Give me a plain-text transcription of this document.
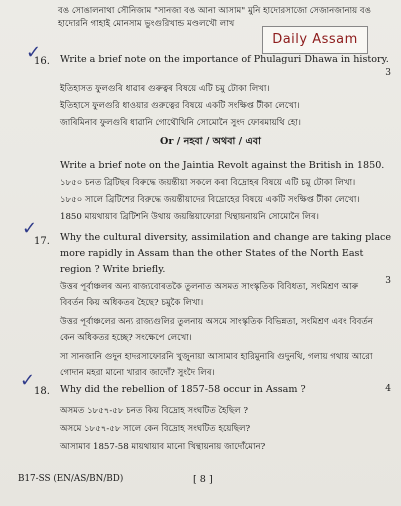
বঙ সোঙালনাথা সৌনিজাম "সানজা বঙ আনা আসাম" মুনি হাদোরসাজো সেজানজানায় বঙ
হাদোরনি গাহাই মোনসাম ভুংগুরিখান্ড মণ্ডলখৌ লাখ
Daily Assam
✓
16. Write a brief note on the importance of Phulaguri Dhawa in history.
3
ইতিহাসত ফুলগুৰি ধাৱাৰ গুৰুত্বৰ বিষয়ে এটি চমু টোকা লিখা।
ইতিহাসে ফুলগুরি ধাওয়ার গুরুত্বের বিষয়ে একটি সংক্ষিপ্ত টীকা লেখো।
জাৰিমিনাব ফুলগুৰি ধাৱানি গোথৌথিনি সোমোনৈ সুংদ ফোৰমায়থি হো।
Or / নহবা / অথবা / এবা
Write a brief note on the Jaintia Revolt against the British in 1850.
১৮৫০ চনত ব্ৰিটিছৰ বিৰুদ্ধে জয়ন্তীয়া সকলে কৰা বিদ্ৰোহৰ বিষয়ে এটি চমু টোকা লিখা।
১৮৫০ সালে ব্রিটিশের বিরুদ্ধে জয়ন্তীয়াদের বিদ্রোহের বিষয়ে একটি সংক্ষিপ্ত টীকা লেখো।
1850 মায়থায়াব ব্রিটিশনি উথায় জয়ন্তিয়াফোরা খিন্থায়নায়নি সোমোনৈ লিৰ।
✓
17. Why the cultural diversity, assimilation and change are taking place
more rapidly in Assam than the other States of the North East
region ? Write briefly.
3
উত্তৰ পূৰ্বাঞ্চলৰ অন্য ৰাজ্যবোৰতকৈ তুলনাত অসমত সাংস্কৃতিক বিবিধতা, সংমিশ্ৰণ আৰু
বিবৰ্তন কিয় অধিকতৰ হৈছে? চমুকৈ লিখা।
উত্তর পূর্বাঞ্চলের অন্য রাজ্যগুলির তুলনায় অসমে সাংস্কৃতিক বিভিন্নতা, সংমিশ্রণ এবং বিবর্তন
কেন অধিকতর হচ্ছে? সংক্ষেপে লেখো।
সা সানজানি গুদুন হাদরসাফোরনি খুজুনায়া আসামাব হারিমুনাৰি গুদুনথি, গলায় গথায় আরো
গোদান মহরা মানো খারাব জাদোঁ? সুংদৈ লিৰ।
✓
18. Why did the rebellion of 1857-58 occur in Assam ?	4
অসমত ১৮৫৭-৫৮ চনত কিয় বিদ্ৰোহ সংঘটিত হৈছিল ?
অসমে ১৮৫৭-৫৮ সালে কেন বিদ্রোহ সংঘটিত হয়েছিল?
আসামাব 1857-58 মায়থায়াব মানো খিন্থায়নায় জাদোঁমোন?
B17-SS (EN/AS/BN/BD)	[ 8 ]
